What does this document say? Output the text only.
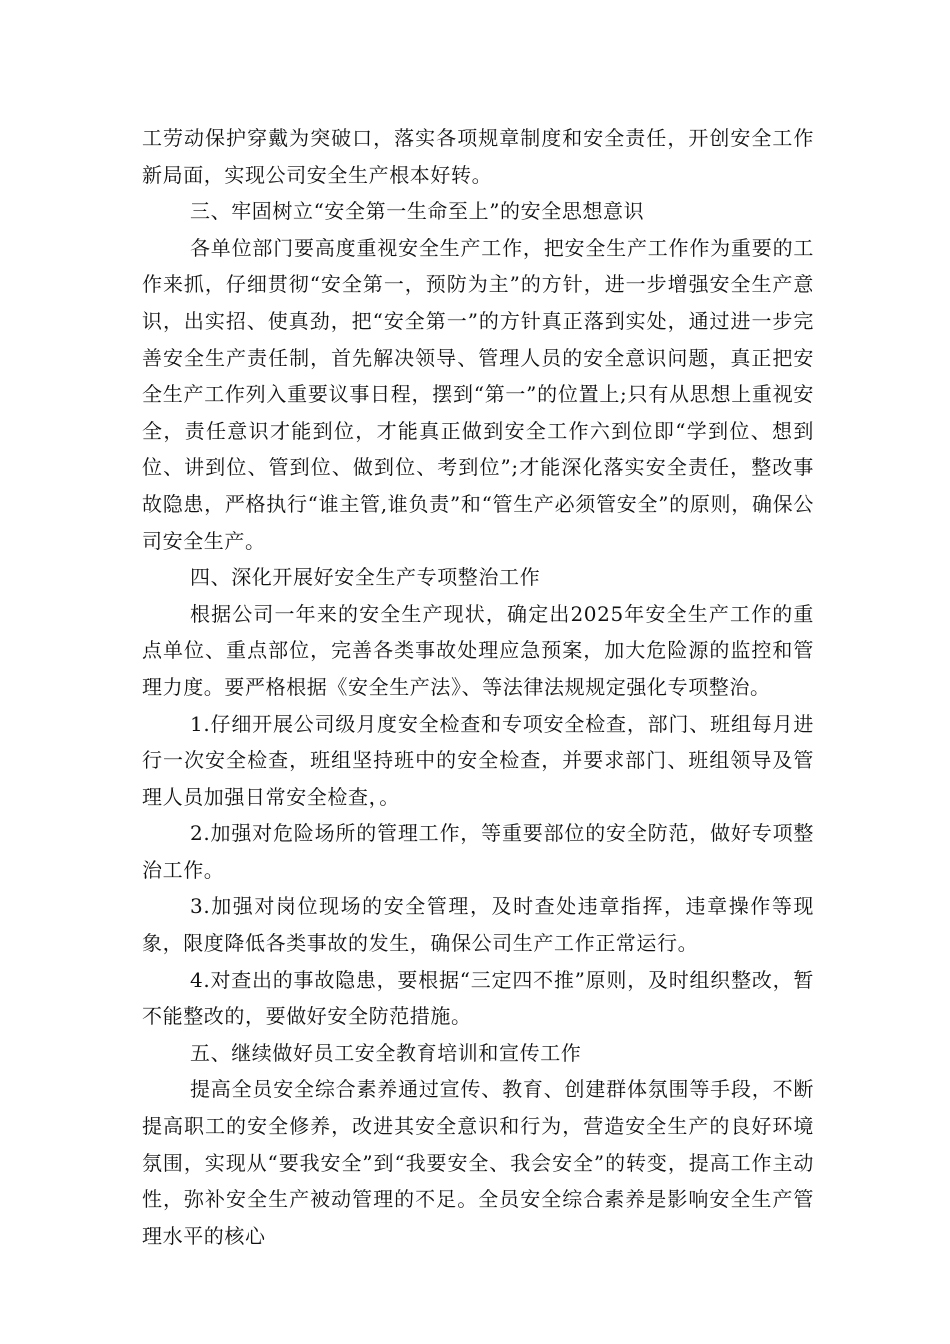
工劳动保护穿戴为突破口，落实各项规章制度和安全责任，开创安全工作新局面，实现公司安全生产根本好转。

三、牢固树立“安全第一生命至上”的安全思想意识

各单位部门要高度重视安全生产工作，把安全生产工作作为重要的工作来抓，仔细贯彻“安全第一，预防为主”的方针，进一步增强安全生产意识，出实招、使真劲，把“安全第一”的方针真正落到实处，通过进一步完善安全生产责任制，首先解决领导、管理人员的安全意识问题，真正把安全生产工作列入重要议事日程，摆到“第一”的位置上;只有从思想上重视安全，责任意识才能到位，才能真正做到安全工作六到位即“学到位、想到位、讲到位、管到位、做到位、考到位”;才能深化落实安全责任，整改事故隐患，严格执行“谁主管,谁负责”和“管生产必须管安全”的原则，确保公司安全生产。

四、深化开展好安全生产专项整治工作

根据公司一年来的安全生产现状，确定出2025年安全生产工作的重点单位、重点部位，完善各类事故处理应急预案，加大危险源的监控和管理力度。要严格根据《安全生产法》、等法律法规规定强化专项整治。

1.仔细开展公司级月度安全检查和专项安全检查，部门、班组每月进行一次安全检查，班组坚持班中的安全检查，并要求部门、班组领导及管理人员加强日常安全检查，。

2.加强对危险场所的管理工作，等重要部位的安全防范，做好专项整治工作。

3.加强对岗位现场的安全管理，及时查处违章指挥，违章操作等现象，限度降低各类事故的发生，确保公司生产工作正常运行。

4.对查出的事故隐患，要根据“三定四不推”原则，及时组织整改，暂不能整改的，要做好安全防范措施。

五、继续做好员工安全教育培训和宣传工作

提高全员安全综合素养通过宣传、教育、创建群体氛围等手段，不断提高职工的安全修养，改进其安全意识和行为，营造安全生产的良好环境氛围，实现从“要我安全”到“我要安全、我会安全”的转变，提高工作主动性，弥补安全生产被动管理的不足。全员安全综合素养是影响安全生产管理水平的核心
